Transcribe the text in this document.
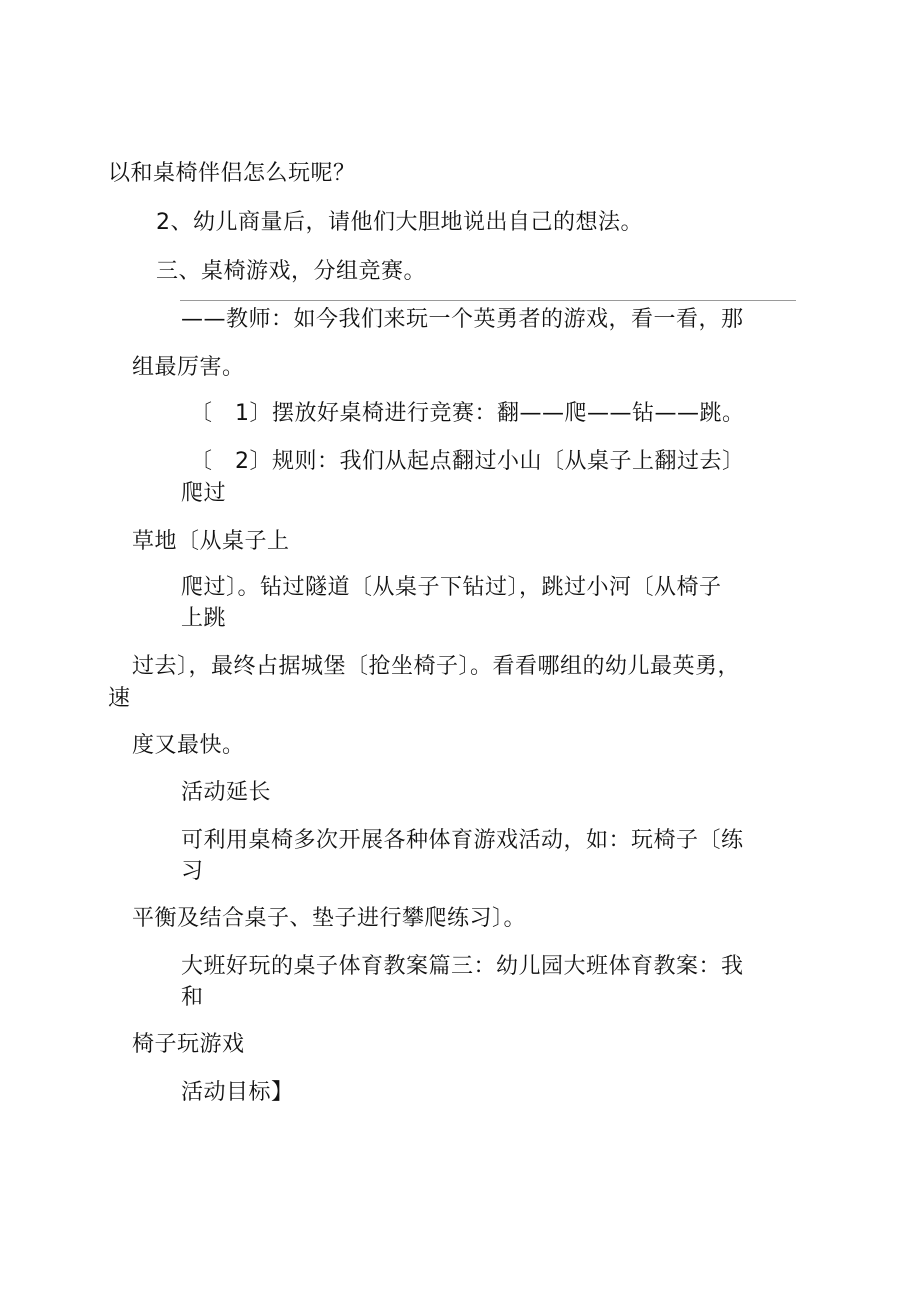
以和桌椅伴侣怎么玩呢？
2、幼儿商量后，请他们大胆地说出自己的想法。
三、桌椅游戏，分组竞赛。
——教师：如今我们来玩一个英勇者的游戏，看一看，那
组最厉害。
〔　1〕摆放好桌椅进行竞赛：翻——爬——钻——跳。
〔　2〕规则：我们从起点翻过小山〔从桌子上翻过去〕
爬过
草地〔从桌子上
爬过〕。钻过隧道〔从桌子下钻过〕，跳过小河〔从椅子
上跳
过去〕，最终占据城堡〔抢坐椅子〕。看看哪组的幼儿最英勇，
速
度又最快。
活动延长
可利用桌椅多次开展各种体育游戏活动，如：玩椅子〔练
习
平衡及结合桌子、垫子进行攀爬练习〕。
大班好玩的桌子体育教案篇三：幼儿园大班体育教案：我
和
椅子玩游戏
活动目标】
